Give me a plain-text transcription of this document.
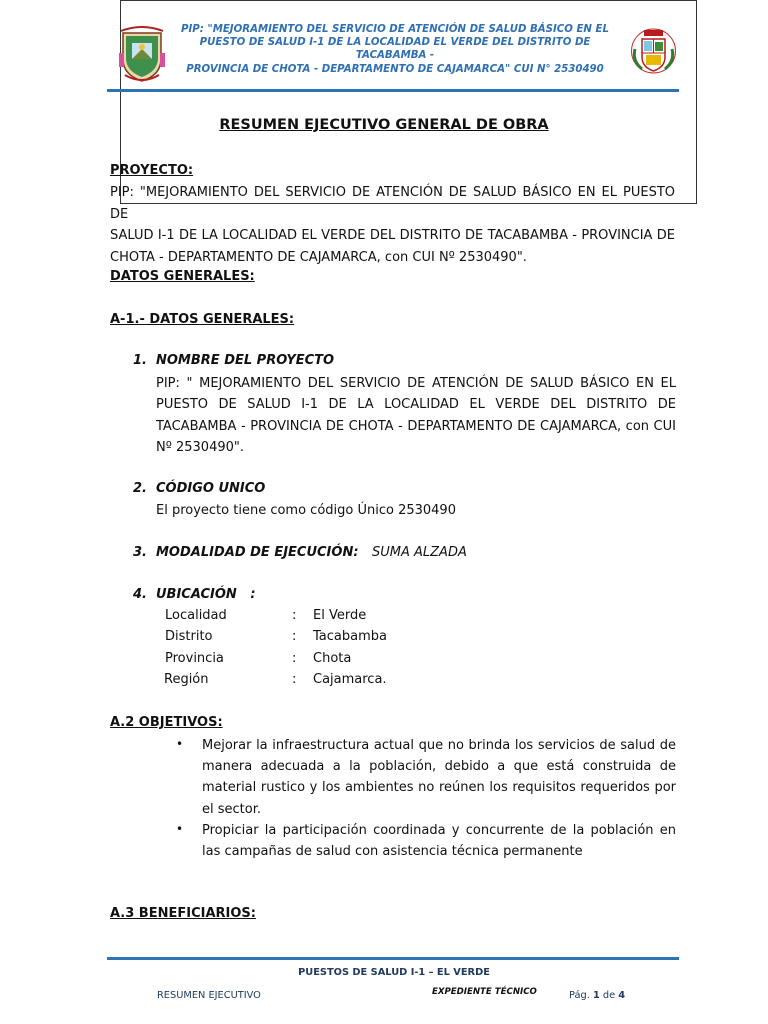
PIP: "MEJORAMIENTO DEL SERVICIO DE ATENCIÓN DE SALUD BÁSICO EN EL
PUESTO DE SALUD I-1 DE LA LOCALIDAD EL VERDE DEL DISTRITO DE TACABAMBA -
PROVINCIA DE CHOTA - DEPARTAMENTO DE CAJAMARCA" CUI N° 2530490
RESUMEN EJECUTIVO GENERAL DE OBRA
PROYECTO:
PIP: "MEJORAMIENTO DEL SERVICIO DE ATENCIÓN DE SALUD BÁSICO EN EL PUESTO DE
SALUD I-1 DE LA LOCALIDAD EL VERDE DEL DISTRITO DE TACABAMBA - PROVINCIA DE
CHOTA - DEPARTAMENTO DE CAJAMARCA, con CUI Nº 2530490".
DATOS GENERALES:
A-1.- DATOS GENERALES:
1. NOMBRE DEL PROYECTO
PIP: " MEJORAMIENTO DEL SERVICIO DE ATENCIÓN DE SALUD BÁSICO EN EL
PUESTO DE SALUD I-1 DE LA LOCALIDAD EL VERDE DEL DISTRITO DE
TACABAMBA - PROVINCIA DE CHOTA - DEPARTAMENTO DE CAJAMARCA, con CUI
Nº 2530490".
2. CÓDIGO UNICO
El proyecto tiene como código Único 2530490
3. MODALIDAD DE EJECUCIÓN: SUMA ALZADA
4. UBICACIÓN   :
Localidad	: El Verde
Distrito	: Tacabamba
Provincia	: Chota
Región	: Cajamarca.
A.2 OBJETIVOS:
• Mejorar la infraestructura actual que no brinda los servicios de salud de
manera adecuada a la población, debido a que está construida de
material rustico y los ambientes no reúnen los requisitos requeridos por
el sector.
• Propiciar la participación coordinada y concurrente de la población en
las campañas de salud con asistencia técnica permanente
A.3 BENEFICIARIOS:
PUESTOS DE SALUD I-1 – EL VERDE
RESUMEN EJECUTIVO	EXPEDIENTE TÉCNICO	Pág. 1 de 4
